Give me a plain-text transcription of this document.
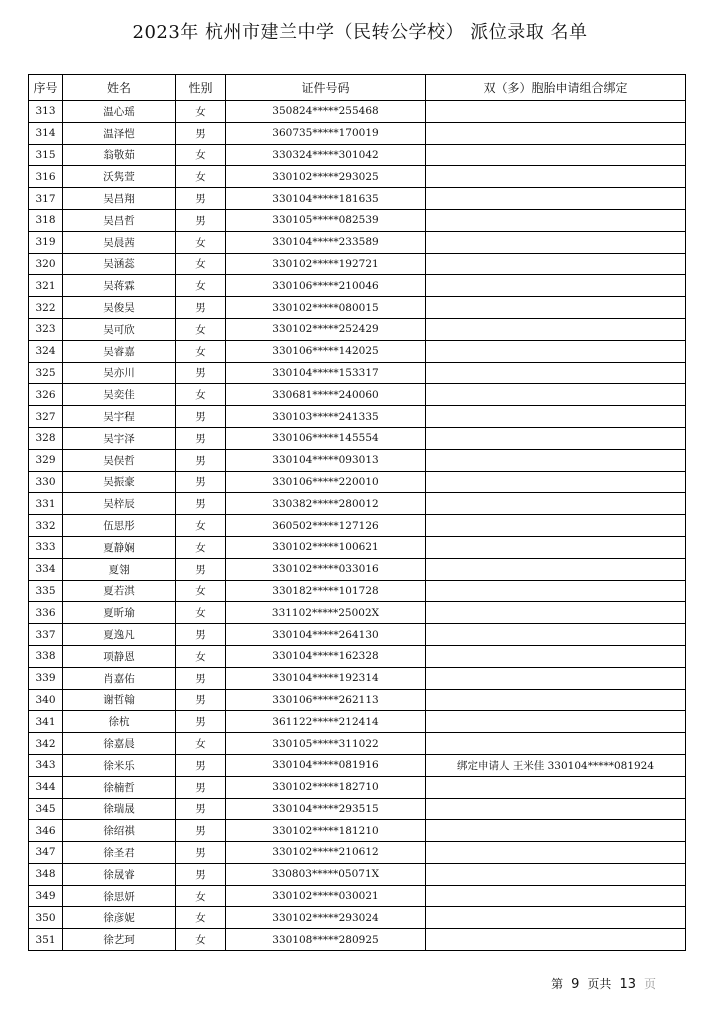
2023年 杭州市建兰中学（民转公学校） 派位录取 名单
序号	姓名	性别	证件号码	双（多）胞胎申请组合绑定
313	温心瑶	女	350824*****255468	
314	温泽恺	男	360735*****170019	
315	翁敬茹	女	330324*****301042	
316	沃隽萱	女	330102*****293025	
317	吴昌翔	男	330104*****181635	
318	吴昌哲	男	330105*****082539	
319	吴晨茜	女	330104*****233589	
320	吴涵蕊	女	330102*****192721	
321	吴蒋霖	女	330106*****210046	
322	吴俊昊	男	330102*****080015	
323	吴可欣	女	330102*****252429	
324	吴睿嘉	女	330106*****142025	
325	吴亦川	男	330104*****153317	
326	吴奕佳	女	330681*****240060	
327	吴宇程	男	330103*****241335	
328	吴宇泽	男	330106*****145554	
329	吴俣哲	男	330104*****093013	
330	吴振豪	男	330106*****220010	
331	吴梓辰	男	330382*****280012	
332	伍思彤	女	360502*****127126	
333	夏静娴	女	330102*****100621	
334	夏翎	男	330102*****033016	
335	夏若淇	女	330182*****101728	
336	夏昕瑜	女	331102*****25002X	
337	夏逸凡	男	330104*****264130	
338	项静恩	女	330104*****162328	
339	肖嘉佑	男	330104*****192314	
340	谢哲翰	男	330106*****262113	
341	徐杭	男	361122*****212414	
342	徐嘉晨	女	330105*****311022	
343	徐米乐	男	330104*****081916	绑定申请人 王米佳 330104*****081924
344	徐楠哲	男	330102*****182710	
345	徐瑞晟	男	330104*****293515	
346	徐绍祺	男	330102*****181210	
347	徐圣君	男	330102*****210612	
348	徐晟睿	男	330803*****05071X	
349	徐思妍	女	330102*****030021	
350	徐彦妮	女	330102*****293024	
351	徐艺珂	女	330108*****280925	
第 9 页共 13 页
